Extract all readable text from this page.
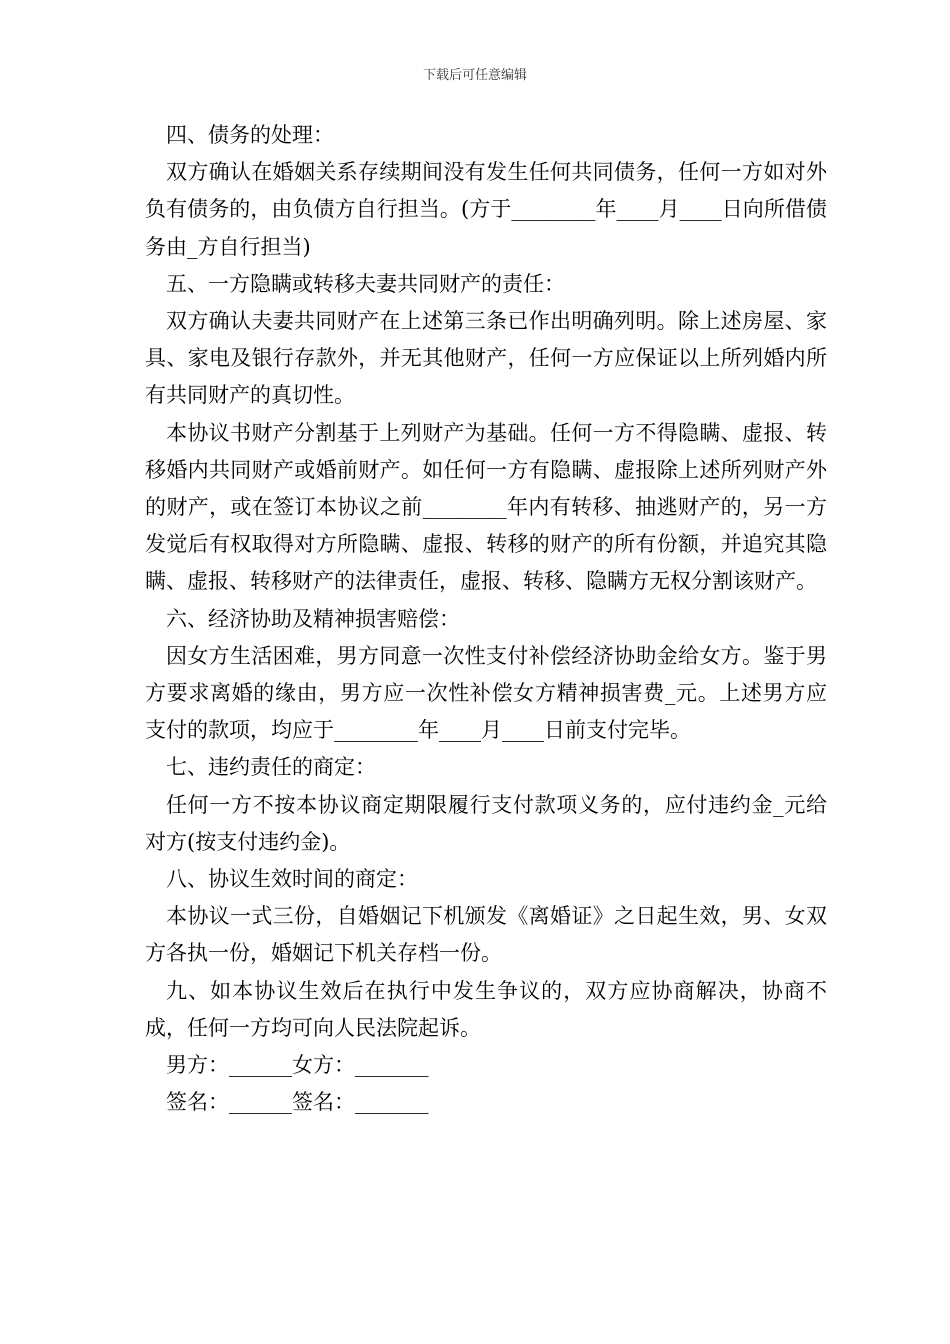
下载后可任意编辑

四、债务的处理：

双方确认在婚姻关系存续期间没有发生任何共同债务，任何一方如对外负有债务的，由负债方自行担当。(方于________年____月____日向所借债务由_方自行担当)

五、一方隐瞒或转移夫妻共同财产的责任：

双方确认夫妻共同财产在上述第三条已作出明确列明。除上述房屋、家具、家电及银行存款外，并无其他财产，任何一方应保证以上所列婚内所有共同财产的真切性。

本协议书财产分割基于上列财产为基础。任何一方不得隐瞒、虚报、转移婚内共同财产或婚前财产。如任何一方有隐瞒、虚报除上述所列财产外的财产，或在签订本协议之前________年内有转移、抽逃财产的，另一方发觉后有权取得对方所隐瞒、虚报、转移的财产的所有份额，并追究其隐瞒、虚报、转移财产的法律责任，虚报、转移、隐瞒方无权分割该财产。

六、经济协助及精神损害赔偿：

因女方生活困难，男方同意一次性支付补偿经济协助金给女方。鉴于男方要求离婚的缘由，男方应一次性补偿女方精神损害费_元。上述男方应支付的款项，均应于________年____月____日前支付完毕。

七、违约责任的商定：

任何一方不按本协议商定期限履行支付款项义务的，应付违约金_元给对方(按支付违约金)。

八、协议生效时间的商定：

本协议一式三份，自婚姻记下机颁发《离婚证》之日起生效，男、女双方各执一份，婚姻记下机关存档一份。

九、如本协议生效后在执行中发生争议的，双方应协商解决，协商不成，任何一方均可向人民法院起诉。

男方：______女方：_______

签名：______签名：_______
